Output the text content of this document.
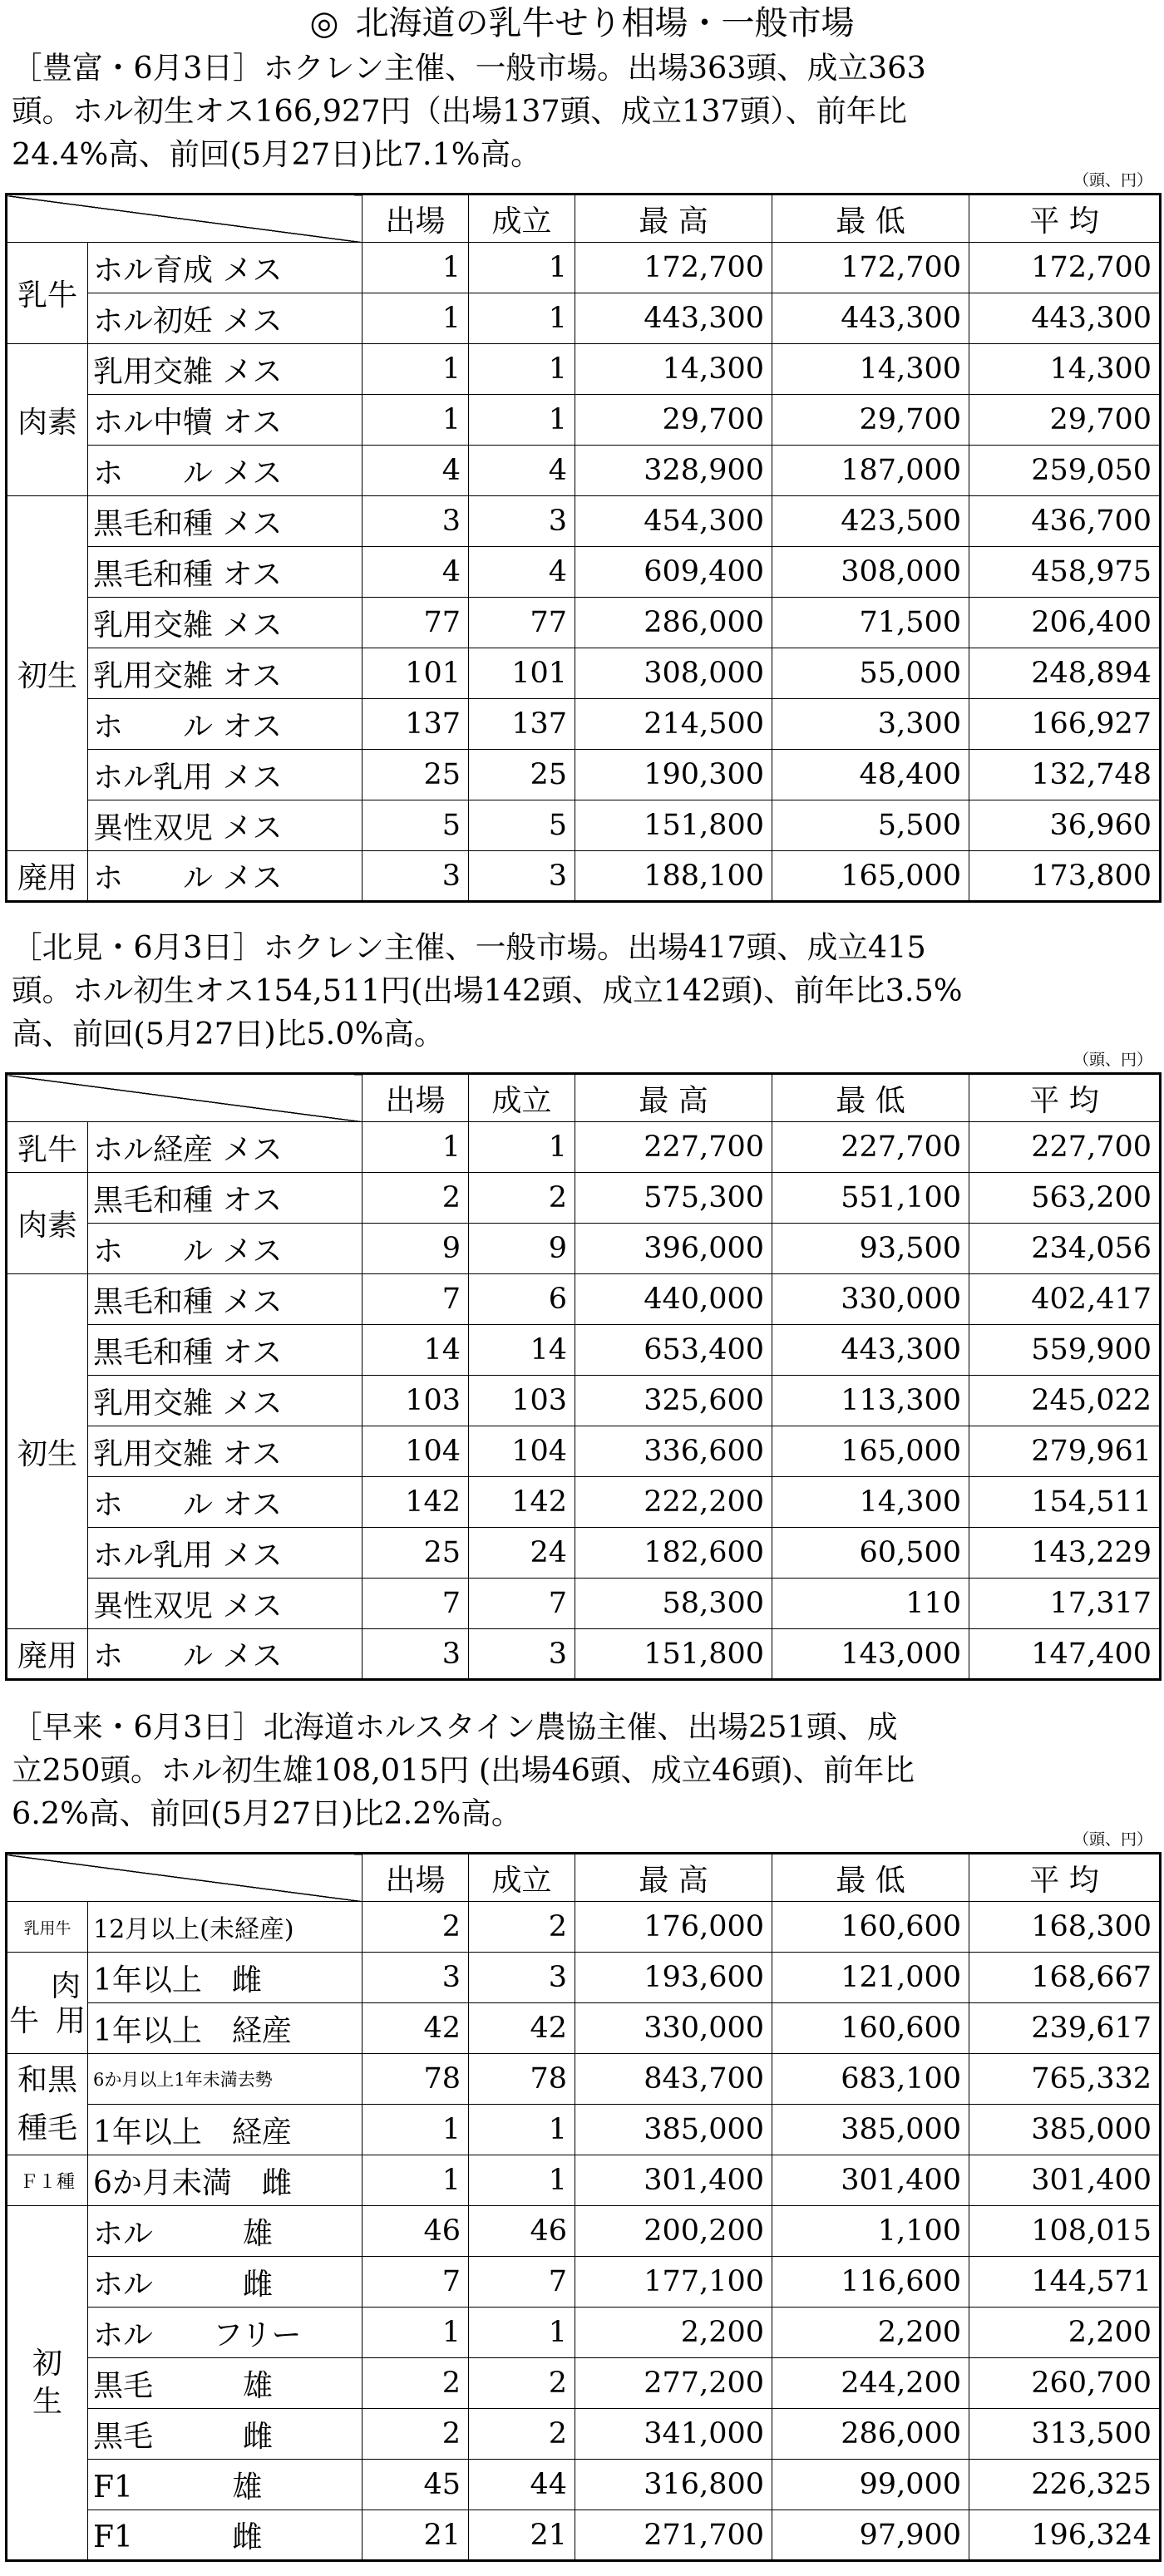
◎ 北海道の乳牛せり相場・一般市場
［豊富・6月3日］ホクレン主催、一般市場。出場363頭、成立363
頭。ホル初生オス166,927円（出場137頭、成立137頭）、前年比
24.4%高、前回(5月27日)比7.1%高。
（頭、円）
		出場	成立	最 高	最 低	平 均
乳牛	ホル育成 メス	1	1	172,700	172,700	172,700
	ホル初妊 メス	1	1	443,300	443,300	443,300
肉素	乳用交雑 メス	1	1	14,300	14,300	14,300
	ホル中犢 オス	1	1	29,700	29,700	29,700
	ホ　　ル メス	4	4	328,900	187,000	259,050
初生	黒毛和種 メス	3	3	454,300	423,500	436,700
	黒毛和種 オス	4	4	609,400	308,000	458,975
	乳用交雑 メス	77	77	286,000	71,500	206,400
	乳用交雑 オス	101	101	308,000	55,000	248,894
	ホ　　ル オス	137	137	214,500	3,300	166,927
	ホル乳用 メス	25	25	190,300	48,400	132,748
	異性双児 メス	5	5	151,800	5,500	36,960
廃用	ホ　　ル メス	3	3	188,100	165,000	173,800
［北見・6月3日］ホクレン主催、一般市場。出場417頭、成立415
頭。ホル初生オス154,511円(出場142頭、成立142頭)、前年比3.5%
高、前回(5月27日)比5.0%高。
（頭、円）
		出場	成立	最 高	最 低	平 均
乳牛	ホル経産 メス	1	1	227,700	227,700	227,700
肉素	黒毛和種 オス	2	2	575,300	551,100	563,200
	ホ　　ル メス	9	9	396,000	93,500	234,056
初生	黒毛和種 メス	7	6	440,000	330,000	402,417
	黒毛和種 オス	14	14	653,400	443,300	559,900
	乳用交雑 メス	103	103	325,600	113,300	245,022
	乳用交雑 オス	104	104	336,600	165,000	279,961
	ホ　　ル オス	142	142	222,200	14,300	154,511
	ホル乳用 メス	25	24	182,600	60,500	143,229
	異性双児 メス	7	7	58,300	110	17,317
廃用	ホ　　ル メス	3	3	151,800	143,000	147,400
［早来・6月3日］北海道ホルスタイン農協主催、出場251頭、成
立250頭。ホル初生雄108,015円 (出場46頭、成立46頭)、前年比
6.2%高、前回(5月27日)比2.2%高。
（頭、円）
		出場	成立	最 高	最 低	平 均
乳用牛	12月以上(未経産)	2	2	176,000	160,600	168,300

肉
牛 用	1年以上　雌	3	3	193,600	121,000	168,667
	1年以上　経産	42	42	330,000	160,600	239,617

和黒
種毛	6か月以上1年未満去勢	78	78	843,700	683,100	765,332
	1年以上　経産	1	1	385,000	385,000	385,000
Ｆ１種	6か月未満　雌	1	1	301,400	301,400	301,400

初
生	ホル　　　雄	46	46	200,200	1,100	108,015
	ホル　　　雌	7	7	177,100	116,600	144,571
	ホル　　フリー	1	1	2,200	2,200	2,200
	黒毛　　　雄	2	2	277,200	244,200	260,700
	黒毛　　　雌	2	2	341,000	286,000	313,500
	F1　　　 雄	45	44	316,800	99,000	226,325
	F1　　　 雌	21	21	271,700	97,900	196,324
